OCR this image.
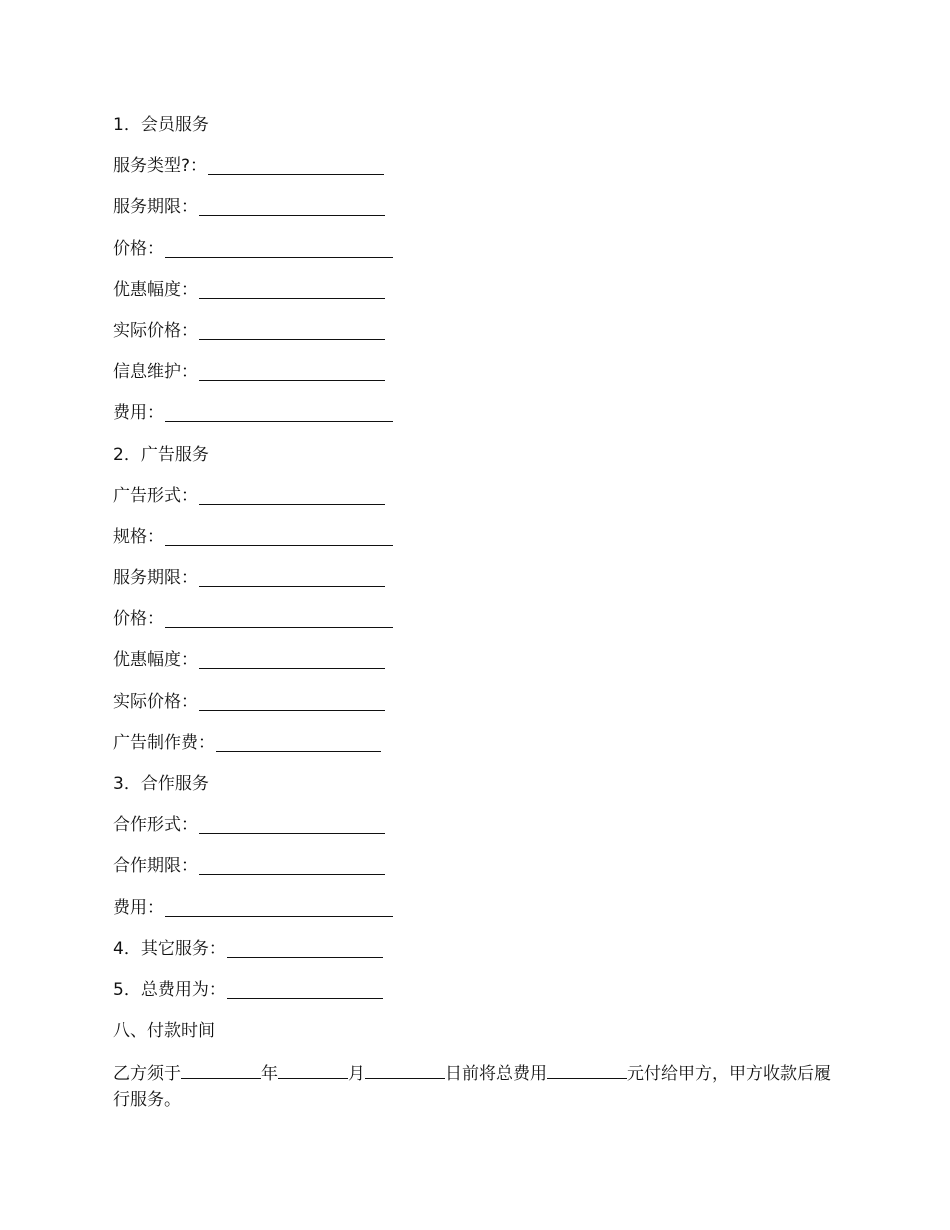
1．会员服务
服务类型?：
服务期限：
价格：
优惠幅度：
实际价格：
信息维护：
费用：
2．广告服务
广告形式：
规格：
服务期限：
价格：
优惠幅度：
实际价格：
广告制作费：
3．合作服务
合作形式：
合作期限：
费用：
4．其它服务：
5．总费用为：
八、付款时间
乙方须于	年	月	日前将总费用	元付给甲方，甲方收款后履行服务。
